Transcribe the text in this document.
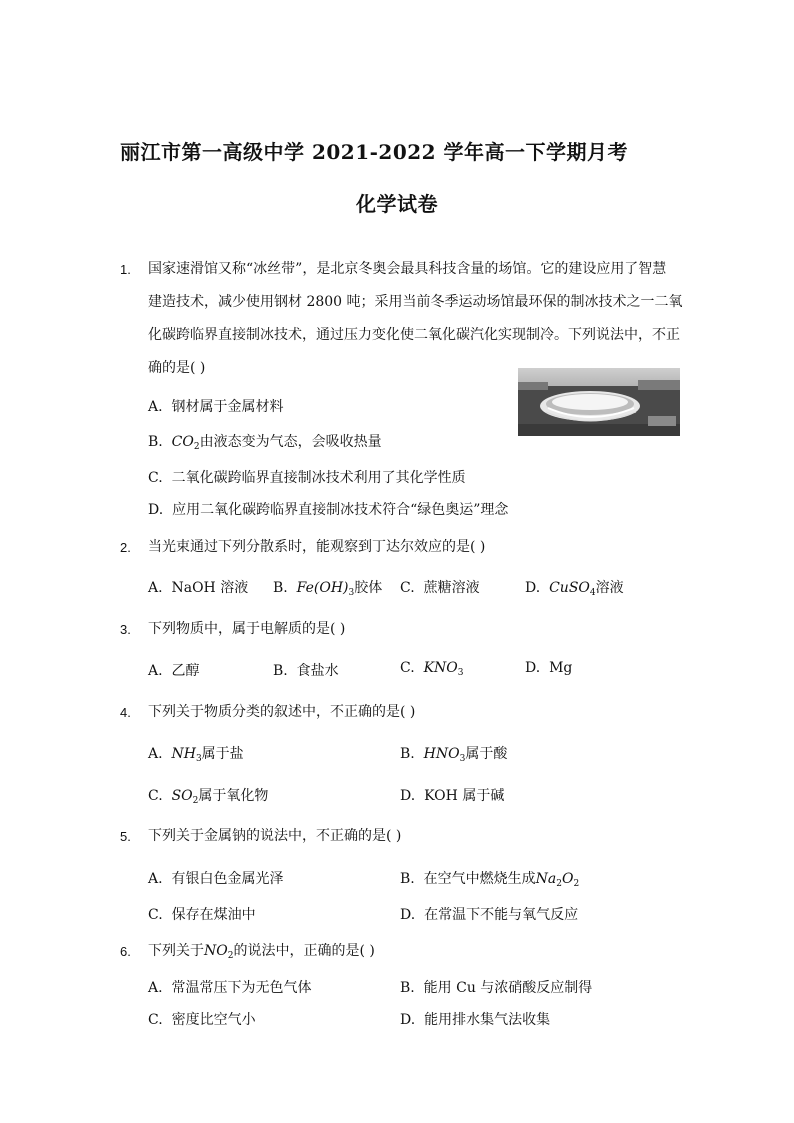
丽江市第一高级中学 2021-2022 学年高一下学期月考
化学试卷
1. 国家速滑馆又称“冰丝带”，是北京冬奥会最具科技含量的场馆。它的建设应用了智慧
建造技术，减少使用钢材 2800 吨；采用当前冬季运动场馆最环保的制冰技术之一二氧
化碳跨临界直接制冰技术，通过压力变化使二氧化碳汽化实现制冷。下列说法中，不正
确的是( )
A. 钢材属于金属材料
B. $CO_2$由液态变为气态，会吸收热量
C. 二氧化碳跨临界直接制冰技术利用了其化学性质
D. 应用二氧化碳跨临界直接制冰技术符合“绿色奥运”理念
2. 当光束通过下列分散系时，能观察到丁达尔效应的是( )
A. NaOH 溶液 B. $Fe(OH)_3$胶体 C. 蔗糖溶液	D. CuSO$_4$溶液
3. 下列物质中，属于电解质的是( )
A. 乙醇	B. 食盐水	C. $KNO_3$	D. Mg
4. 下列关于物质分类的叙述中，不正确的是( )
A. $NH_3$属于盐	B. $HNO_3$属于酸
C. $SO_2$属于氧化物	D. KOH 属于碱
5. 下列关于金属钠的说法中，不正确的是( )
A. 有银白色金属光泽	B. 在空气中燃烧生成$Na_2O_2$
C. 保存在煤油中	D. 在常温下不能与氧气反应
6. 下列关于$NO_2$的说法中，正确的是( )
A. 常温常压下为无色气体	B. 能用 Cu 与浓硝酸反应制得
C. 密度比空气小	D. 能用排水集气法收集
